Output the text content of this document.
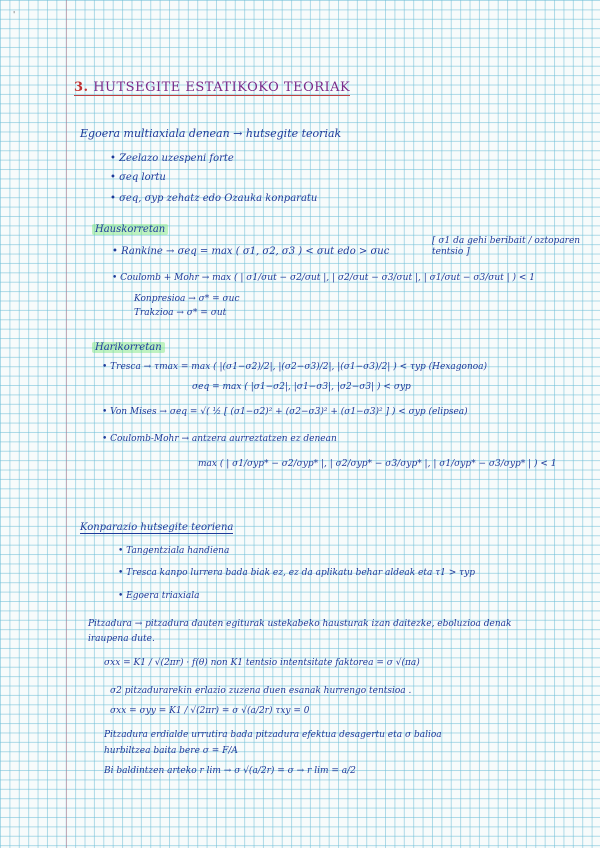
'
3. HUTSEGITE ESTATIKOKO TEORIAK
Egoera multiaxiala denean → hutsegite teoriak
• Zeelazo uzespeni forte
• σeq lortu
• σeq, σyp zehatz edo Ozauka konparatu
Hauskorretan
• Rankine → σeq = max ( σ1, σ2, σ3 ) < σut edo > σuc
[ σ1 da gehi beribait / oztoparen tentsio ]
• Coulomb + Mohr → max ( | σ1/σut − σ2/σut |, | σ2/σut − σ3/σut |, | σ1/σut − σ3/σut | ) < 1
Konpresioa → σ* = σuc
Trakzioa → σ* = σut
Harikorretan
• Tresca → τmax = max ( |(σ1−σ2)/2|, |(σ2−σ3)/2|, |(σ1−σ3)/2| ) < τyp (Hexagonoa)
σeq = max ( |σ1−σ2|, |σ1−σ3|, |σ2−σ3| ) < σyp
• Von Mises → σeq = √( ½ [ (σ1−σ2)² + (σ2−σ3)² + (σ1−σ3)² ] ) < σyp (elipsea)
• Coulomb-Mohr → antzera aurreztatzen ez denean
max ( | σ1/σyp* − σ2/σyp* |, | σ2/σyp* − σ3/σyp* |, | σ1/σyp* − σ3/σyp* | ) < 1
Konparazio hutsegite teoriena
• Tangentziala handiena
• Tresca kanpo lurrera bada biak ez, ez da aplikatu behar aldeak eta τ1 > τyp
• Egoera triaxiala
Pitzadura → pitzadura dauten egiturak ustekabeko hausturak izan daitezke, eboluzioa denak
iraupena dute.
σxx = K1 / √(2πr) · f(θ) non K1 tentsio intentsitate faktorea = σ √(πa)
σ2 pitzadurarekin erlazio zuzena duen esanak hurrengo tentsioa .
σxx = σyy = K1 / √(2πr) = σ √(a/2r) τxy = 0
Pitzadura erdialde urrutira bada pitzadura efektua desagertu eta σ balioa
hurbiltzea baita bere σ = F/A
Bi baldintzen arteko r lim → σ √(a/2r) = σ → r lim = a/2
